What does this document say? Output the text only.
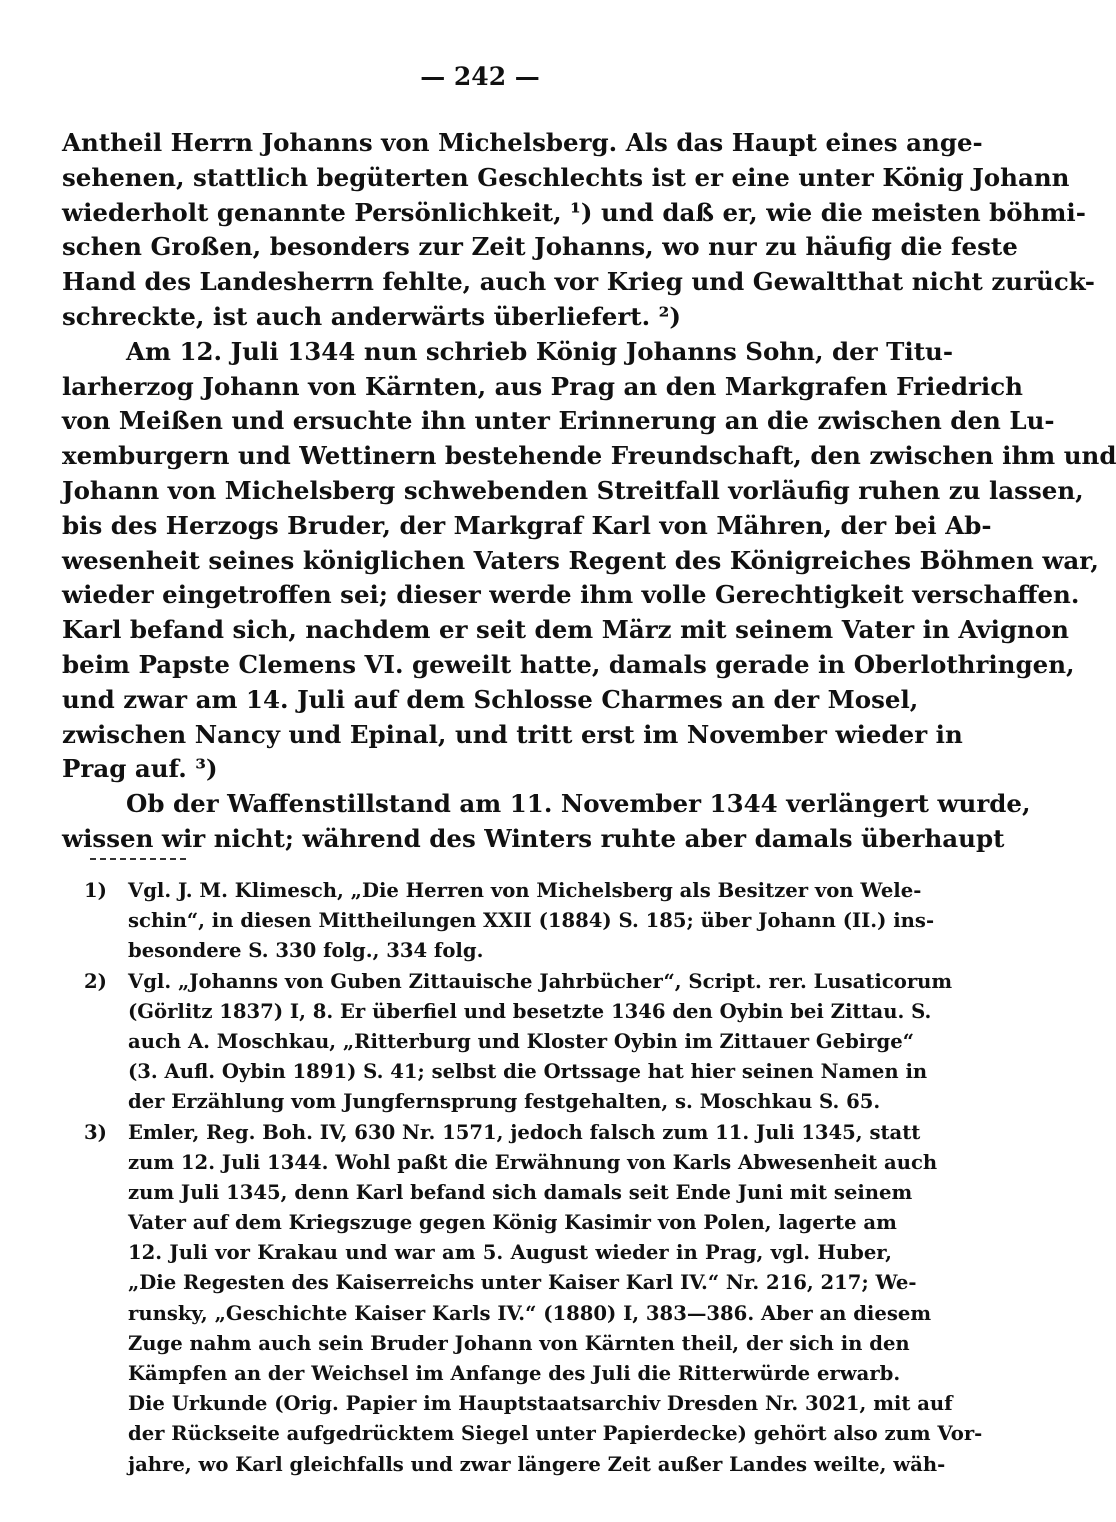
— 242 —
Antheil Herrn Johanns von Michelsberg. Als das Haupt eines ange-
sehenen, stattlich begüterten Geschlechts ist er eine unter König Johann
wiederholt genannte Persönlichkeit, ¹) und daß er, wie die meisten böhmi-
schen Großen, besonders zur Zeit Johanns, wo nur zu häufig die feste
Hand des Landesherrn fehlte, auch vor Krieg und Gewaltthat nicht zurück-
schreckte, ist auch anderwärts überliefert. ²)
Am 12. Juli 1344 nun schrieb König Johanns Sohn, der Titu-
larherzog Johann von Kärnten, aus Prag an den Markgrafen Friedrich
von Meißen und ersuchte ihn unter Erinnerung an die zwischen den Lu-
xemburgern und Wettinern bestehende Freundschaft, den zwischen ihm und
Johann von Michelsberg schwebenden Streitfall vorläufig ruhen zu lassen,
bis des Herzogs Bruder, der Markgraf Karl von Mähren, der bei Ab-
wesenheit seines königlichen Vaters Regent des Königreiches Böhmen war,
wieder eingetroffen sei; dieser werde ihm volle Gerechtigkeit verschaffen.
Karl befand sich, nachdem er seit dem März mit seinem Vater in Avignon
beim Papste Clemens VI. geweilt hatte, damals gerade in Oberlothringen,
und zwar am 14. Juli auf dem Schlosse Charmes an der Mosel,
zwischen Nancy und Epinal, und tritt erst im November wieder in
Prag auf. ³)
Ob der Waffenstillstand am 11. November 1344 verlängert wurde,
wissen wir nicht; während des Winters ruhte aber damals überhaupt
1)	Vgl. J. M. Klimesch, „Die Herren von Michelsberg als Besitzer von Wele-
schin“, in diesen Mittheilungen XXII (1884) S. 185; über Johann (II.) ins-
besondere S. 330 folg., 334 folg.
2)	Vgl. „Johanns von Guben Zittauische Jahrbücher“, Script. rer. Lusaticorum
(Görlitz 1837) I, 8. Er überfiel und besetzte 1346 den Oybin bei Zittau. S.
auch A. Moschkau, „Ritterburg und Kloster Oybin im Zittauer Gebirge“
(3. Aufl. Oybin 1891) S. 41; selbst die Ortssage hat hier seinen Namen in
der Erzählung vom Jungfernsprung festgehalten, s. Moschkau S. 65.
3)	Emler, Reg. Boh. IV, 630 Nr. 1571, jedoch falsch zum 11. Juli 1345, statt
zum 12. Juli 1344. Wohl paßt die Erwähnung von Karls Abwesenheit auch
zum Juli 1345, denn Karl befand sich damals seit Ende Juni mit seinem
Vater auf dem Kriegszuge gegen König Kasimir von Polen, lagerte am
12. Juli vor Krakau und war am 5. August wieder in Prag, vgl. Huber,
„Die Regesten des Kaiserreichs unter Kaiser Karl IV.“ Nr. 216, 217; We-
runsky, „Geschichte Kaiser Karls IV.“ (1880) I, 383—386. Aber an diesem
Zuge nahm auch sein Bruder Johann von Kärnten theil, der sich in den
Kämpfen an der Weichsel im Anfange des Juli die Ritterwürde erwarb.
Die Urkunde (Orig. Papier im Hauptstaatsarchiv Dresden Nr. 3021, mit auf
der Rückseite aufgedrücktem Siegel unter Papierdecke) gehört also zum Vor-
jahre, wo Karl gleichfalls und zwar längere Zeit außer Landes weilte, wäh-
